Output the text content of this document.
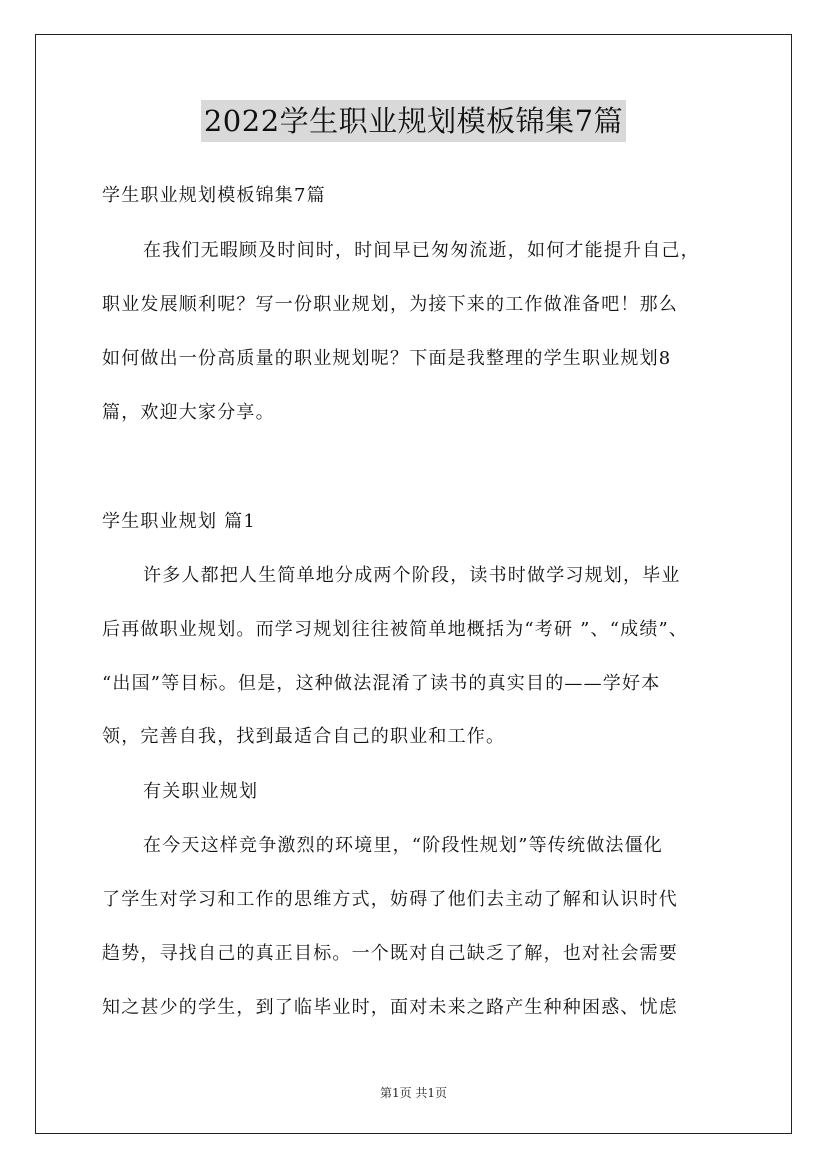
2022学生职业规划模板锦集7篇
学生职业规划模板锦集7篇
在我们无暇顾及时间时，时间早已匆匆流逝，如何才能提升自己，
职业发展顺利呢？写一份职业规划，为接下来的工作做准备吧！那么
如何做出一份高质量的职业规划呢？下面是我整理的学生职业规划8
篇，欢迎大家分享。
学生职业规划 篇1
许多人都把人生简单地分成两个阶段，读书时做学习规划，毕业
后再做职业规划。而学习规划往往被简单地概括为“考研 ”、“成绩”、
“出国”等目标。但是，这种做法混淆了读书的真实目的——学好本
领，完善自我，找到最适合自己的职业和工作。
有关职业规划
在今天这样竞争激烈的环境里，“阶段性规划”等传统做法僵化
了学生对学习和工作的思维方式，妨碍了他们去主动了解和认识时代
趋势，寻找自己的真正目标。一个既对自己缺乏了解，也对社会需要
知之甚少的学生，到了临毕业时，面对未来之路产生种种困惑、忧虑
第1页 共1页
